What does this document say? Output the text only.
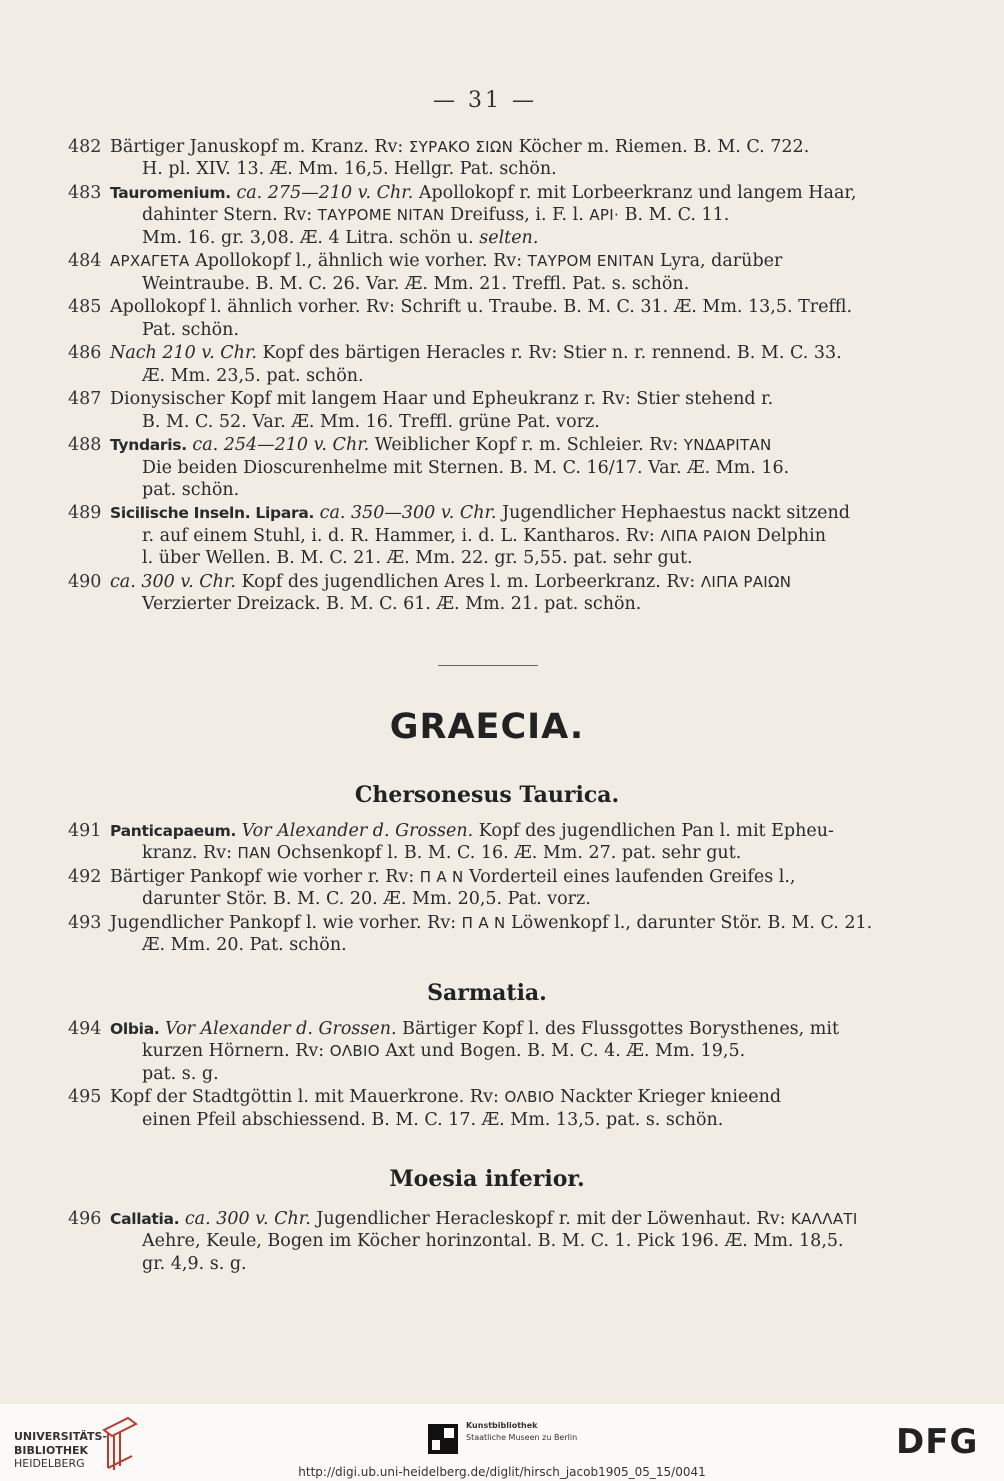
— 31 —
482 Bärtiger Januskopf m. Kranz. Rv: ΣΥΡΑΚΟ ΣΙΩΝ Köcher m. Riemen. B. M. C. 722.
H. pl. XIV. 13. Æ. Mm. 16,5. Hellgr. Pat. schön.
483 Tauromenium. ca. 275—210 v. Chr. Apollokopf r. mit Lorbeerkranz und langem Haar,
dahinter Stern. Rv: ΤΑΥΡΟΜΕ ΝΙΤΑΝ Dreifuss, i. F. l. ΑΡΙ· B. M. C. 11.
Mm. 16. gr. 3,08. Æ. 4 Litra. schön u. selten.
484 ΑΡΧΑΓΕΤΑ Apollokopf l., ähnlich wie vorher. Rv: ΤΑΥΡΟΜ ΕΝΙΤΑΝ Lyra, darüber
Weintraube. B. M. C. 26. Var. Æ. Mm. 21. Treffl. Pat. s. schön.
485 Apollokopf l. ähnlich vorher. Rv: Schrift u. Traube. B. M. C. 31. Æ. Mm. 13,5. Treffl.
Pat. schön.
486 Nach 210 v. Chr. Kopf des bärtigen Heracles r. Rv: Stier n. r. rennend. B. M. C. 33.
Æ. Mm. 23,5. pat. schön.
487 Dionysischer Kopf mit langem Haar und Epheukranz r. Rv: Stier stehend r.
B. M. C. 52. Var. Æ. Mm. 16. Treffl. grüne Pat. vorz.
488 Tyndaris. ca. 254—210 v. Chr. Weiblicher Kopf r. m. Schleier. Rv: ΥΝΔΑΡΙΤΑΝ
Die beiden Dioscurenhelme mit Sternen. B. M. C. 16/17. Var. Æ. Mm. 16.
pat. schön.
489 Sicilische Inseln. Lipara. ca. 350—300 v. Chr. Jugendlicher Hephaestus nackt sitzend
r. auf einem Stuhl, i. d. R. Hammer, i. d. L. Kantharos. Rv: ΛΙΠΑ ΡΑΙΟΝ Delphin
l. über Wellen. B. M. C. 21. Æ. Mm. 22. gr. 5,55. pat. sehr gut.
490 ca. 300 v. Chr. Kopf des jugendlichen Ares l. m. Lorbeerkranz. Rv: ΛΙΠΑ ΡΑΙΩΝ
Verzierter Dreizack. B. M. C. 61. Æ. Mm. 21. pat. schön.
GRAECIA.
Chersonesus Taurica.
491 Panticapaeum. Vor Alexander d. Grossen. Kopf des jugendlichen Pan l. mit Epheu-
kranz. Rv: ΠΑΝ Ochsenkopf l. B. M. C. 16. Æ. Mm. 27. pat. sehr gut.
492 Bärtiger Pankopf wie vorher r. Rv: Π Α Ν Vorderteil eines laufenden Greifes l.,
darunter Stör. B. M. C. 20. Æ. Mm. 20,5. Pat. vorz.
493 Jugendlicher Pankopf l. wie vorher. Rv: Π Α Ν Löwenkopf l., darunter Stör. B. M. C. 21.
Æ. Mm. 20. Pat. schön.
Sarmatia.
494 Olbia. Vor Alexander d. Grossen. Bärtiger Kopf l. des Flussgottes Borysthenes, mit
kurzen Hörnern. Rv: ΟΛΒΙΟ Axt und Bogen. B. M. C. 4. Æ. Mm. 19,5.
pat. s. g.
495 Kopf der Stadtgöttin l. mit Mauerkrone. Rv: ΟΛΒΙΟ Nackter Krieger knieend
einen Pfeil abschiessend. B. M. C. 17. Æ. Mm. 13,5. pat. s. schön.
Moesia inferior.
496 Callatia. ca. 300 v. Chr. Jugendlicher Heracleskopf r. mit der Löwenhaut. Rv: ΚΑΛΛΑΤΙ
Aehre, Keule, Bogen im Köcher horinzontal. B. M. C. 1. Pick 196. Æ. Mm. 18,5.
gr. 4,9. s. g.
UNIVERSITÄTS-
BIBLIOTHEK
HEIDELBERG
Kunstbibliothek
Staatliche Museen zu Berlin	DFG
http://digi.ub.uni-heidelberg.de/diglit/hirsch_jacob1905_05_15/0041
